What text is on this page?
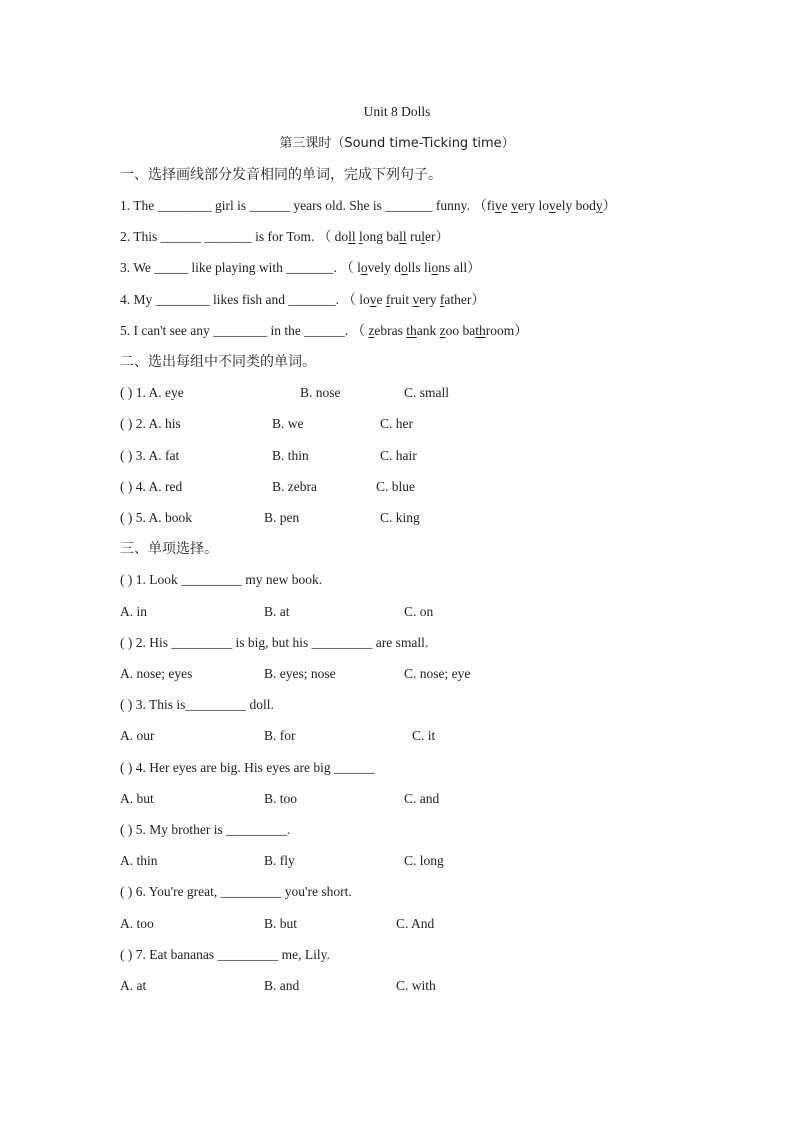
Unit 8 Dolls
第三课时（Sound time-Ticking time）
一、选择画线部分发音相同的单词，完成下列句子。
1. The ________ girl is ______ years old. She is _______ funny. （five very lovely body）
2. This ______ _______ is for Tom. （ doll long ball ruler）
3. We _____ like playing with _______. （ lovely dolls lions all）
4. My ________ likes fish and _______. （ love fruit very father）
5. I can't see any ________ in the ______. （ zebras thank zoo bathroom）
二、选出每组中不同类的单词。
( ) 1. A. eye	B. nose	C. small
( ) 2. A. his	B. we	C. her
( ) 3. A. fat	B. thin	C. hair
( ) 4. A. red	B. zebra	C. blue
( ) 5. A. book	B. pen	C. king
三、单项选择。
( ) 1. Look _________ my new book.
A. in	B. at	C. on
( ) 2. His _________ is big, but his _________ are small.
A. nose; eyes	B. eyes; nose	C. nose; eye
( ) 3. This is_________ doll.
A. our	B. for	C. it
( ) 4. Her eyes are big. His eyes are big ______
A. but	B. too	C. and
( ) 5. My brother is _________.
A. thin	B. fly	C. long
( ) 6. You're great, _________ you're short.
A. too	B. but	C. And
( ) 7. Eat bananas _________ me, Lily.
A. at	B. and	C. with
